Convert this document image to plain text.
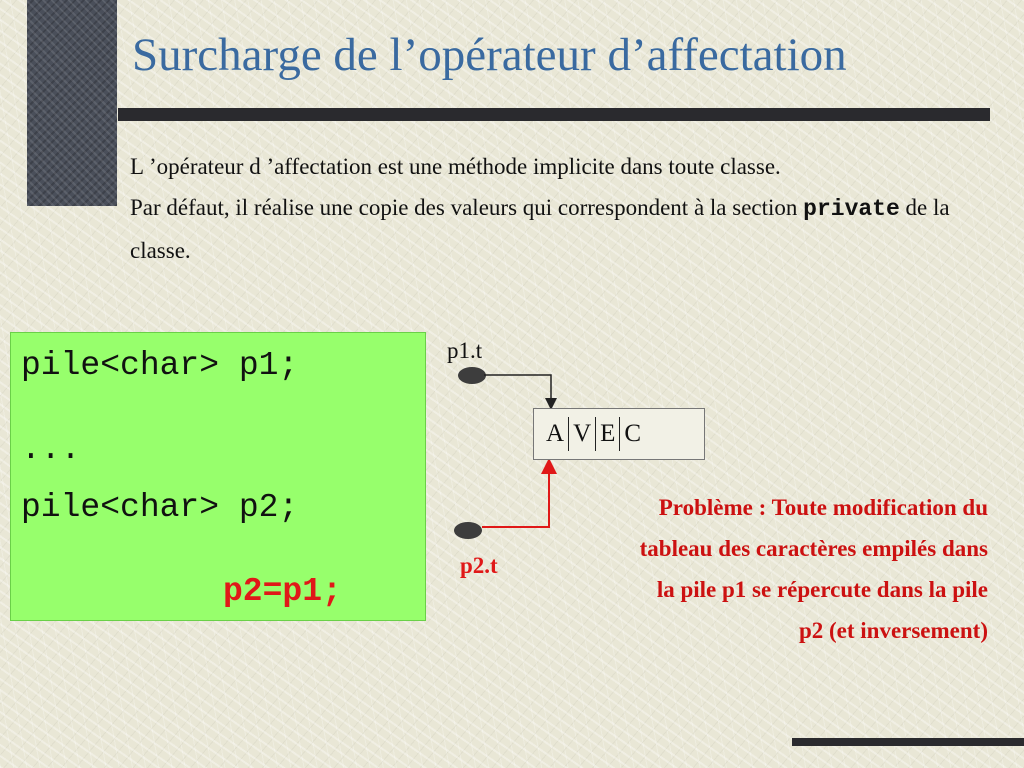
Surcharge de l’opérateur d’affectation

L ’opérateur d ’affectation est une méthode implicite dans toute classe.

Par défaut, il réalise une copie des valeurs qui correspondent à la section private de la classe.

pile<char> p1;
...
pile<char> p2;
p2=p1;
p1.t
p2.t
A V E C

Problème : Toute modification du tableau des caractères empilés dans la pile p1 se répercute dans la pile p2 (et inversement)
